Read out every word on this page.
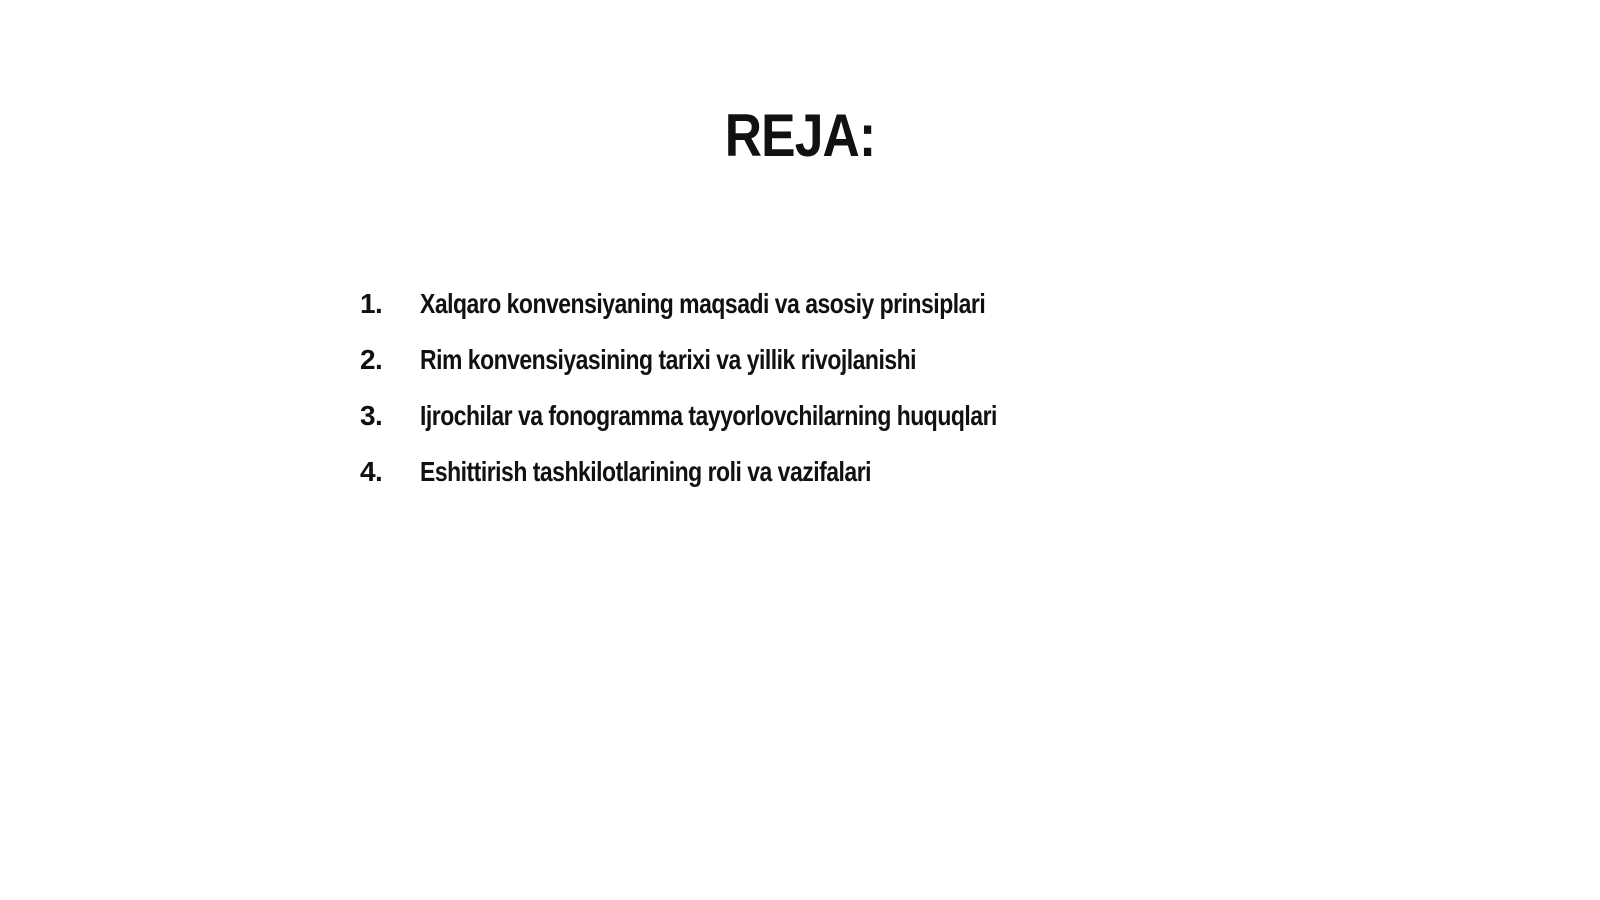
REJA:
1.	Xalqaro konvensiyaning maqsadi va asosiy prinsiplari
2.	Rim konvensiyasining tarixi va yillik rivojlanishi
3.	Ijrochilar va fonogramma tayyorlovchilarning huquqlari
4.	Eshittirish tashkilotlarining roli va vazifalari
